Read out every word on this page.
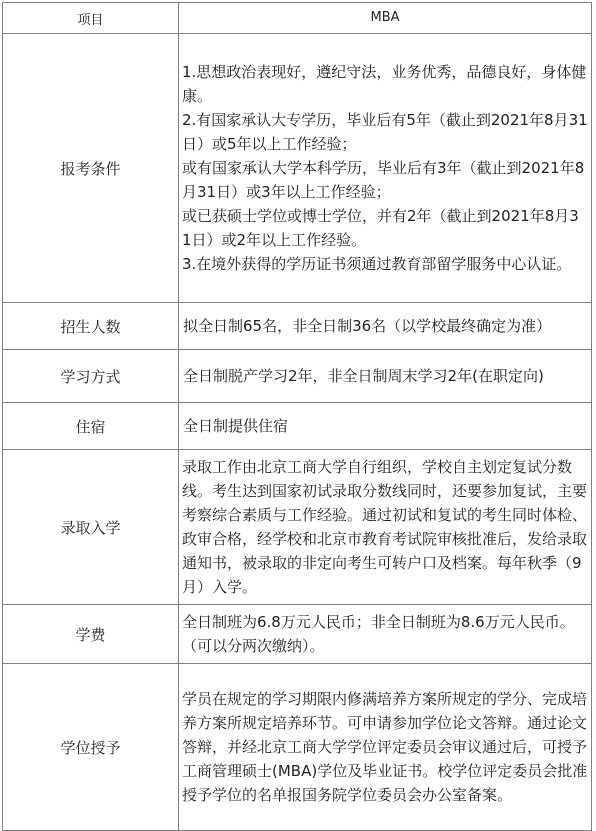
项目	MBA
报考条件	1.思想政治表现好，遵纪守法，业务优秀，品德良好，身体健康。
2.有国家承认大专学历，毕业后有5年（截止到2021年8月31日）或5年以上工作经验；
或有国家承认大学本科学历，毕业后有3年（截止到2021年8月31日）或3年以上工作经验；
或已获硕士学位或博士学位，并有2年（截止到2021年8月31日）或2年以上工作经验。
3.在境外获得的学历证书须通过教育部留学服务中心认证。

招生人数	拟全日制65名，非全日制36名（以学校最终确定为准）

学习方式	全日制脱产学习2年，非全日制周末学习2年(在职定向)

住宿	全日制提供住宿

录取入学	录取工作由北京工商大学自行组织，学校自主划定复试分数线。考生达到国家初试录取分数线同时，还要参加复试，主要考察综合素质与工作经验。通过初试和复试的考生同时体检、政审合格，经学校和北京市教育考试院审核批准后，发给录取通知书，被录取的非定向考生可转户口及档案。每年秋季（9月）入学。

学费	全日制班为6.8万元人民币；非全日制班为8.6万元人民币。（可以分两次缴纳）。

学位授予	学员在规定的学习期限内修满培养方案所规定的学分、完成培养方案所规定培养环节。可申请参加学位论文答辩。通过论文答辩，并经北京工商大学学位评定委员会审议通过后，可授予工商管理硕士(MBA)学位及毕业证书。校学位评定委员会批准授予学位的名单报国务院学位委员会办公室备案。
